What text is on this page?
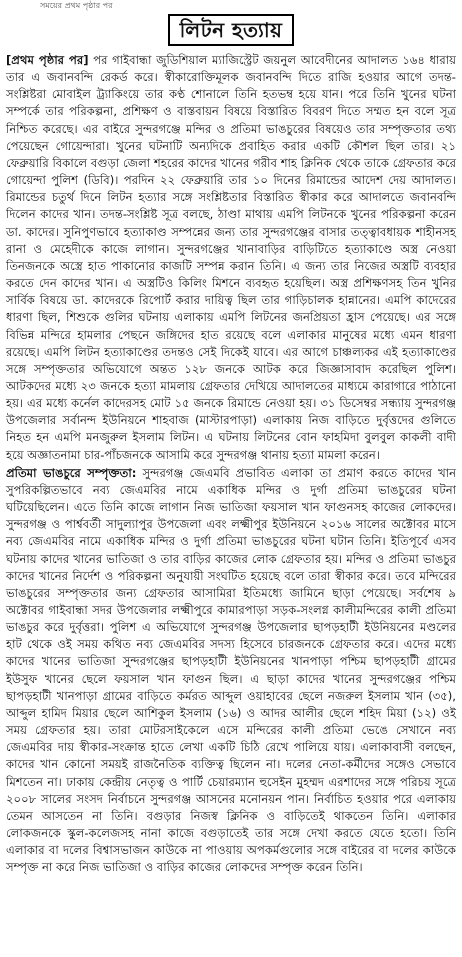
সময়ের প্রথম পৃষ্ঠার পর
লিটন হত্যায়

[প্রথম পৃষ্ঠার পর] পর গাইবান্ধা জুডিশিয়াল ম্যাজিস্ট্রেট জয়নুল আবেদীনের আদালত ১৬৪ ধারায় তার এ জবানবন্দি রেকর্ড করে। স্বীকারোক্তিমূলক জবানবন্দি দিতে রাজি হওয়ার আগে তদন্ত-সংশ্লিষ্টরা মোবাইল ট্র্যাকিংয়ে তার কণ্ঠ শোনালে তিনি হতভম্ব হয়ে যান। পরে তিনি খুনের ঘটনা সম্পর্কে তার পরিকল্পনা, প্রশিক্ষণ ও বাস্তবায়ন বিষয়ে বিস্তারিত বিবরণ দিতে সম্মত হন বলে সূত্র নিশ্চিত করেছে। এর বাইরে সুন্দরগঞ্জে মন্দির ও প্রতিমা ভাঙচুরের বিষয়েও তার সম্পৃক্ততার তথ্য পেয়েছেন গোয়েন্দারা। খুনের ঘটনাটি অন্যদিকে প্রবাহিত করার একটি কৌশল ছিল তার। ২১ ফেব্রুয়ারি বিকালে বগুড়া জেলা শহরের কাদের খানের গরীব শাহ ক্লিনিক থেকে তাকে গ্রেফতার করে গোয়েন্দা পুলিশ (ডিবি)। পরদিন ২২ ফেব্রুয়ারি তার ১০ দিনের রিমান্ডের আদেশ দেয় আদালত। রিমান্ডের চতুর্থ দিনে লিটন হত্যার সঙ্গে সংশ্লিষ্টতার বিস্তারিত স্বীকার করে আদালতে জবানবন্দি দিলেন কাদের খান। তদন্ত-সংশ্লিষ্ট সূত্র বলছে, ঠাণ্ডা মাথায় এমপি লিটনকে খুনের পরিকল্পনা করেন ডা. কাদের। সুনিপুণভাবে হত্যাকাণ্ড সম্পন্নের জন্য তার সুন্দরগঞ্জের বাসার তত্ত্বাবধায়ক শাহীনসহ রানা ও মেহেদীকে কাজে লাগান। সুন্দরগঞ্জের খানাবাড়ির বাড়িটিতে হত্যাকাণ্ডে অস্ত্র নেওয়া তিনজনকে অস্ত্রে হাত পাকানোর কাজটি সম্পন্ন করান তিনি। এ জন্য তার নিজের অস্ত্রটি ব্যবহার করতে দেন কাদের খান। এ অস্ত্রটিও কিলিং মিশনে ব্যবহৃত হয়েছিল। অস্ত্র প্রশিক্ষণসহ তিন খুনির সার্বিক বিষয়ে ডা. কাদেরকে রিপোর্ট করার দায়িত্ব ছিল তার গাড়িচালক হান্নানের। এমপি কাদেরের ধারণা ছিল, শিশুকে গুলির ঘটনায় এলাকায় এমপি লিটনের জনপ্রিয়তা হ্রাস পেয়েছে। এর সঙ্গে বিভিন্ন মন্দিরে হামলার পেছনে জঙ্গিদের হাত রয়েছে বলে এলাকার মানুষের মধ্যে এমন ধারণা রয়েছে। এমপি লিটন হত্যাকাণ্ডের তদন্তও সেই দিকেই যাবে। এর আগে চাঞ্চল্যকর এই হত্যাকাণ্ডের সঙ্গে সম্পৃক্ততার অভিযোগে অন্তত ১২৮ জনকে আটক করে জিজ্ঞাসাবাদ করেছিল পুলিশ। আটকদের মধ্যে ২৩ জনকে হত্যা মামলায় গ্রেফতার দেখিয়ে আদালতের মাধ্যমে কারাগারে পাঠানো হয়। এর মধ্যে কর্নেল কাদেরসহ মোট ১৫ জনকে রিমান্ডে নেওয়া হয়। ৩১ ডিসেম্বর সন্ধ্যায় সুন্দরগঞ্জ উপজেলার সর্বানন্দ ইউনিয়নে শাহবাজ (মাস্টারপাড়া) এলাকায় নিজ বাড়িতে দুর্বৃত্তদের গুলিতে নিহত হন এমপি মনজুরুল ইসলাম লিটন। এ ঘটনায় লিটনের বোন ফাহমিদা বুলবুল কাকলী বাদী হয়ে অজ্ঞাতনামা চার-পাঁচজনকে আসামি করে সুন্দরগঞ্জ থানায় হত্যা মামলা করেন।

প্রতিমা ভাঙচুরে সম্পৃক্ততা: সুন্দরগঞ্জ জেএমবি প্রভাবিত এলাকা তা প্রমাণ করতে কাদের খান সুপরিকল্পিতভাবে নব্য জেএমবির নামে একাধিক মন্দির ও দুর্গা প্রতিমা ভাঙচুরের ঘটনা ঘটিয়েছিলেন। এতে তিনি কাজে লাগান নিজ ভাতিজা ফয়সাল খান ফাগুনসহ কাজের লোকদের। সুন্দরগঞ্জ ও পার্শ্ববর্তী সাদুল্যাপুর উপজেলা এবং লক্ষ্মীপুর ইউনিয়নে ২০১৬ সালের অক্টোবর মাসে নব্য জেএমবির নামে একাধিক মন্দির ও দুর্গা প্রতিমা ভাঙচুরের ঘটনা ঘটান তিনি। ইতিপূর্বে এসব ঘটনায় কাদের খানের ভাতিজা ও তার বাড়ির কাজের লোক গ্রেফতার হয়। মন্দির ও প্রতিমা ভাঙচুর কাদের খানের নির্দেশ ও পরিকল্পনা অনুযায়ী সংঘটিত হয়েছে বলে তারা স্বীকার করে। তবে মন্দিরের ভাঙচুরের সম্পৃক্ততার জন্য গ্রেফতার আসামিরা ইতিমধ্যে জামিনে ছাড়া পেয়েছে। সর্বশেষ ৯ অক্টোবর গাইবান্ধা সদর উপজেলার লক্ষ্মীপুরে কামারপাড়া সড়ক-সংলগ্ন কালীমন্দিরের কালী প্রতিমা ভাঙচুর করে দুর্বৃত্তরা। পুলিশ এ অভিযোগে সুন্দরগঞ্জ উপজেলার ছাপড়হাটী ইউনিয়নের মণ্ডলের হাট থেকে ওই সময় কথিত নব্য জেএমবির সদস্য হিসেবে চারজনকে গ্রেফতার করে। এদের মধ্যে কাদের খানের ভাতিজা সুন্দরগঞ্জের ছাপড়হাটী ইউনিয়নের খানপাড়া পশ্চিম ছাপড়হাটী গ্রামের ইউসুফ খানের ছেলে ফয়সাল খান ফাগুন ছিল। এ ছাড়া কাদের খানের সুন্দরগঞ্জের পশ্চিম ছাপড়হাটী খানপাড়া গ্রামের বাড়িতে কর্মরত আব্দুল ওয়াহাবের ছেলে নজরুল ইসলাম খান (৩৫), আব্দুল হামিদ মিয়ার ছেলে আশিকুল ইসলাম (১৬) ও আদর আলীর ছেলে শহিদ মিয়া (১২) ওই সময় গ্রেফতার হয়। তারা মোটরসাইকেলে এসে মন্দিরের কালী প্রতিমা ভেঙে সেখানে নব্য জেএমবির দায় স্বীকার-সংক্রান্ত হাতে লেখা একটি চিঠি রেখে পালিয়ে যায়। এলাকাবাসী বলছেন, কাদের খান কোনো সময়ই রাজনৈতিক ব্যক্তিত্ব ছিলেন না। দলের নেতা-কর্মীদের সঙ্গেও সেভাবে মিশতেন না। ঢাকায় কেন্দ্রীয় নেতৃত্ব ও পার্টি চেয়ারম্যান হুসেইন মুহম্মদ এরশাদের সঙ্গে পরিচয় সূত্রে ২০০৮ সালের সংসদ নির্বাচনে সুন্দরগঞ্জ আসনের মনোনয়ন পান। নির্বাচিত হওয়ার পরে এলাকায় তেমন আসতেন না তিনি। বগুড়ার নিজস্ব ক্লিনিক ও বাড়িতেই থাকতেন তিনি। এলাকার লোকজনকে স্কুল-কলেজসহ নানা কাজে বগুড়াতেই তার সঙ্গে দেখা করতে যেতে হতো। তিনি এলাকার বা দলের বিশ্বাসভাজন কাউকে না পাওয়ায় অপকর্মগুলোর সঙ্গে বাইরের বা দলের কাউকে সম্পৃক্ত না করে নিজ ভাতিজা ও বাড়ির কাজের লোকদের সম্পৃক্ত করেন তিনি।
